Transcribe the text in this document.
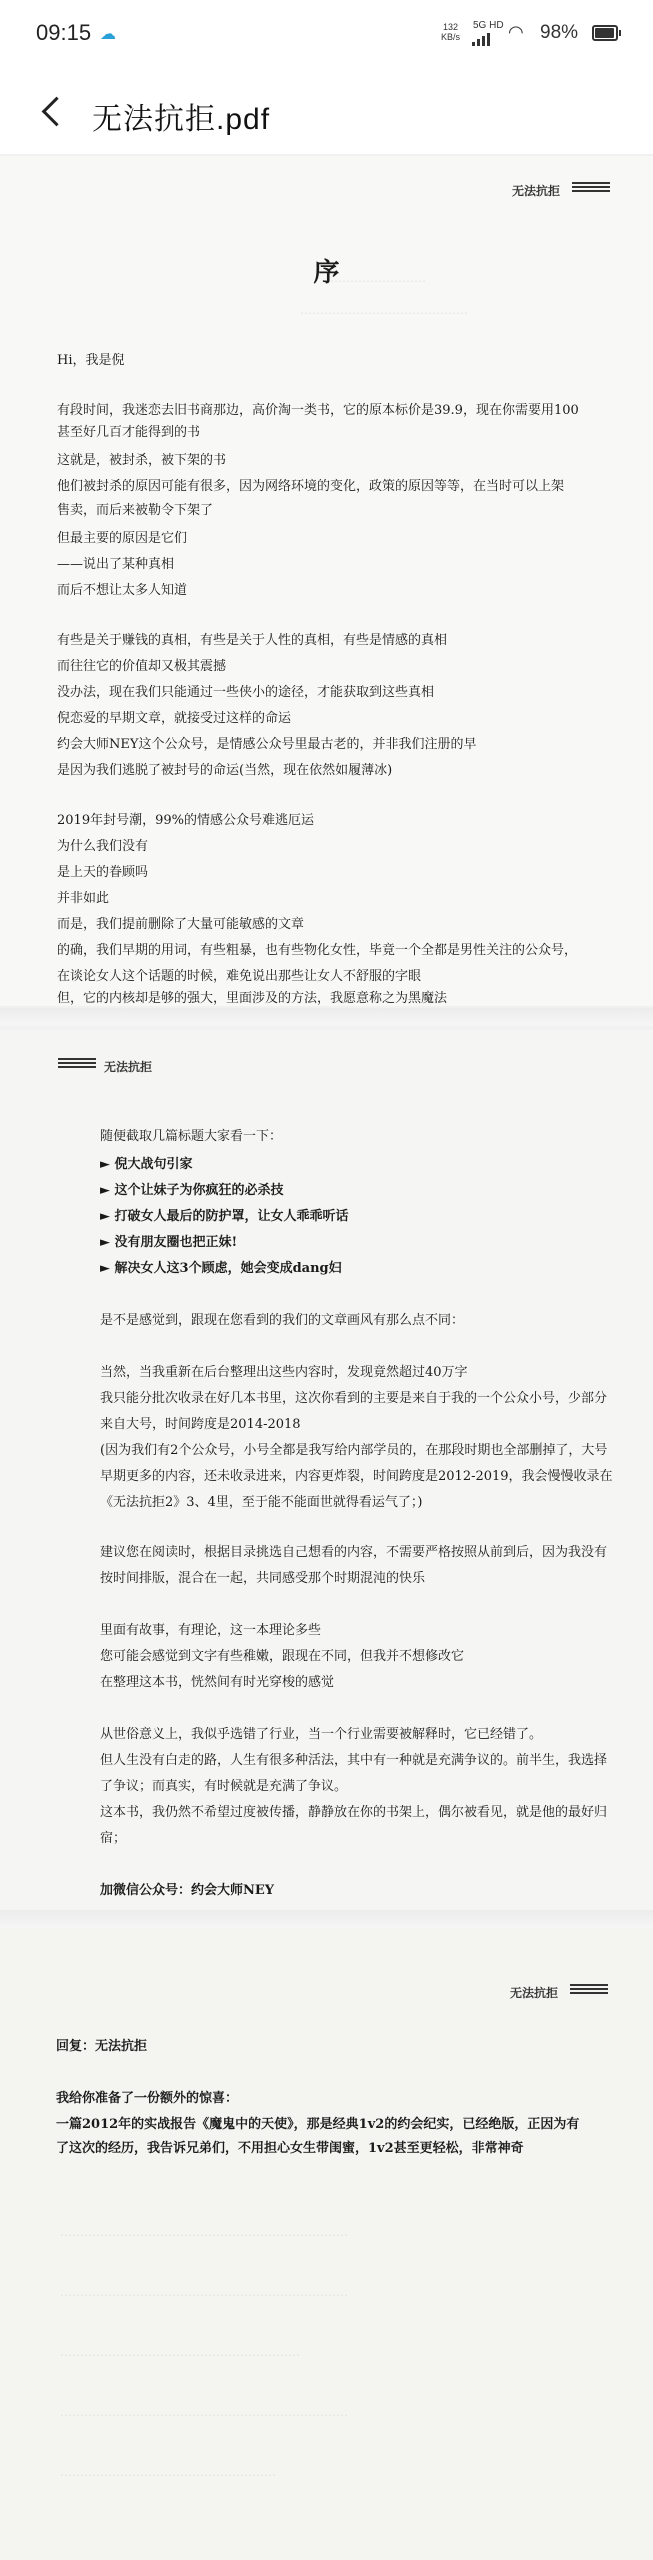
09:15 ☁	132
KB/s
5G HD ◠ 98%
无法抗拒.pdf
无法抗拒
序
⋯⋯⋯⋯⋯⋯⋯⋯
⋯⋯⋯⋯⋯⋯⋯⋯⋯⋯⋯⋯⋯⋯
Hi，我是倪
有段时间，我迷恋去旧书商那边，高价淘一类书，它的原本标价是39.9，现在你需要用100
甚至好几百才能得到的书
这就是，被封杀，被下架的书
他们被封杀的原因可能有很多，因为网络环境的变化，政策的原因等等，在当时可以上架
售卖，而后来被勒令下架了
但最主要的原因是它们
——说出了某种真相
而后不想让太多人知道
有些是关于赚钱的真相，有些是关于人性的真相，有些是情感的真相
而往往它的价值却又极其震撼
没办法，现在我们只能通过一些侠小的途径，才能获取到这些真相
倪恋爱的早期文章，就接受过这样的命运
约会大师NEY这个公众号，是情感公众号里最古老的，并非我们注册的早
是因为我们逃脱了被封号的命运(当然，现在依然如履薄冰)
2019年封号潮，99%的情感公众号难逃厄运
为什么我们没有
是上天的眷顾吗
并非如此
而是，我们提前删除了大量可能敏感的文章
的确，我们早期的用词，有些粗暴，也有些物化女性，毕竟一个全都是男性关注的公众号，
在谈论女人这个话题的时候，难免说出那些让女人不舒服的字眼
但，它的内核却是够的强大，里面涉及的方法，我愿意称之为黑魔法
无法抗拒
随便截取几篇标题大家看一下：
► 倪大战句引家
► 这个让妹子为你疯狂的必杀技
► 打破女人最后的防护罩，让女人乖乖听话
► 没有朋友圈也把正妹!
► 解决女人这3个顾虑，她会变成dang妇
是不是感觉到，跟现在您看到的我们的文章画风有那么点不同：
当然，当我重新在后台整理出这些内容时，发现竟然超过40万字
我只能分批次收录在好几本书里，这次你看到的主要是来自于我的一个公众小号，少部分
来自大号，时间跨度是2014-2018
(因为我们有2个公众号，小号全都是我写给内部学员的，在那段时期也全部删掉了，大号
早期更多的内容，还未收录进来，内容更炸裂，时间跨度是2012-2019，我会慢慢收录在
《无法抗拒2》3、4里，至于能不能面世就得看运气了；)
建议您在阅读时，根据目录挑选自己想看的内容，不需要严格按照从前到后，因为我没有
按时间排版，混合在一起，共同感受那个时期混沌的快乐
里面有故事，有理论，这一本理论多些
您可能会感觉到文字有些稚嫩，跟现在不同，但我并不想修改它
在整理这本书，恍然间有时光穿梭的感觉
从世俗意义上，我似乎选错了行业，当一个行业需要被解释时，它已经错了。
但人生没有白走的路，人生有很多种活法，其中有一种就是充满争议的。前半生，我选择
了争议；而真实，有时候就是充满了争议。
这本书，我仍然不希望过度被传播，静静放在你的书架上，偶尔被看见，就是他的最好归
宿；
加微信公众号：约会大师NEY
无法抗拒
回复：无法抗拒
我给你准备了一份额外的惊喜：
一篇2012年的实战报告《魔鬼中的天使》，那是经典1v2的约会纪实，已经绝版，正因为有
了这次的经历，我告诉兄弟们，不用担心女生带闺蜜，1v2甚至更轻松，非常神奇
⋯⋯⋯⋯⋯⋯⋯⋯⋯⋯⋯⋯⋯⋯⋯⋯⋯⋯⋯⋯⋯⋯⋯⋯
⋯⋯⋯⋯⋯⋯⋯⋯⋯⋯⋯⋯⋯⋯⋯⋯⋯⋯⋯⋯⋯⋯⋯⋯
⋯⋯⋯⋯⋯⋯⋯⋯⋯⋯⋯⋯⋯⋯⋯⋯⋯⋯⋯⋯
⋯⋯⋯⋯⋯⋯⋯⋯⋯⋯⋯⋯⋯⋯⋯⋯⋯⋯⋯⋯⋯⋯⋯⋯
⋯⋯⋯⋯⋯⋯⋯⋯⋯⋯⋯⋯⋯⋯⋯⋯⋯⋯
